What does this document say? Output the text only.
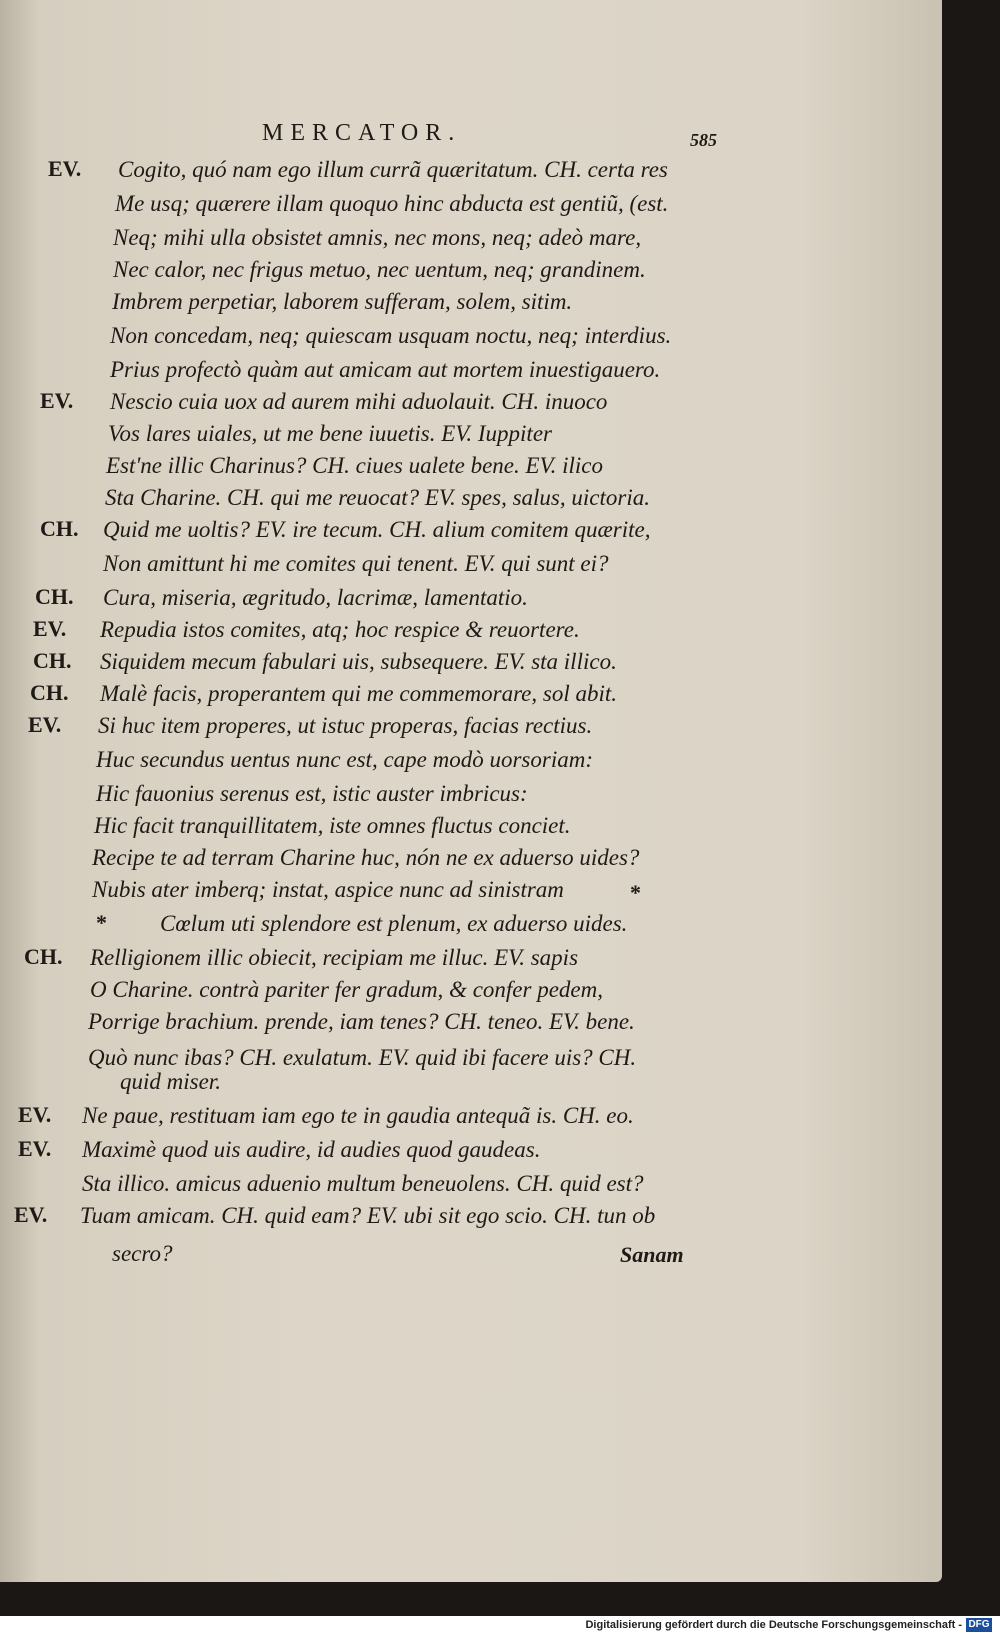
MERCATOR.	585
EV. Cogito, quó nam ego illum currã quæritatum. CH. certa res
Me usq; quærere illam quoquo hinc abducta est gentiũ, (est.
Neq; mihi ulla obsistet amnis, nec mons, neq; adeò mare,
Nec calor, nec frigus metuo, nec uentum, neq; grandinem.
Imbrem perpetiar, laborem sufferam, solem, sitim.
Non concedam, neq; quiescam usquam noctu, neq; interdius.
Prius profectò quàm aut amicam aut mortem inuestigauero.
EV. Nescio cuia uox ad aurem mihi aduolauit. CH. inuoco
Vos lares uiales, ut me bene iuuetis. EV. Iuppiter
Est'ne illic Charinus? CH. ciues ualete bene. EV. ilico
Sta Charine. CH. qui me reuocat? EV. spes, salus, uictoria.
CH. Quid me uoltis? EV. ire tecum. CH. alium comitem quærite,
Non amittunt hi me comites qui tenent. EV. qui sunt ei?
CH. Cura, miseria, ægritudo, lacrimæ, lamentatio.
EV. Repudia istos comites, atq; hoc respice & reuortere.
CH. Siquidem mecum fabulari uis, subsequere. EV. sta illico.
CH. Malè facis, properantem qui me commemorare, sol abit.
EV. Si huc item properes, ut istuc properas, facias rectius.
Huc secundus uentus nunc est, cape modò uorsoriam:
Hic fauonius serenus est, istic auster imbricus:
Hic facit tranquillitatem, iste omnes fluctus conciet.
Recipe te ad terram Charine huc, nón ne ex aduerso uides?
Nubis ater imberq; instat, aspice nunc ad sinistram	*
* Cœlum uti splendore est plenum, ex aduerso uides.
CH. Relligionem illic obiecit, recipiam me illuc. EV. sapis
O Charine. contrà pariter fer gradum, & confer pedem,
Porrige brachium. prende, iam tenes? CH. teneo. EV. bene.
Quò nunc ibas? CH. exulatum. EV. quid ibi facere uis? CH.
quid miser.
EV. Ne paue, restituam iam ego te in gaudia antequã is. CH. eo.
EV. Maximè quod uis audire, id audies quod gaudeas.
Sta illico. amicus aduenio multum beneuolens. CH. quid est?
EV. Tuam amicam. CH. quid eam? EV. ubi sit ego scio. CH. tun ob
secro?	Sanam
Digitalisierung gefördert durch die Deutsche Forschungsgemeinschaft - DFG
